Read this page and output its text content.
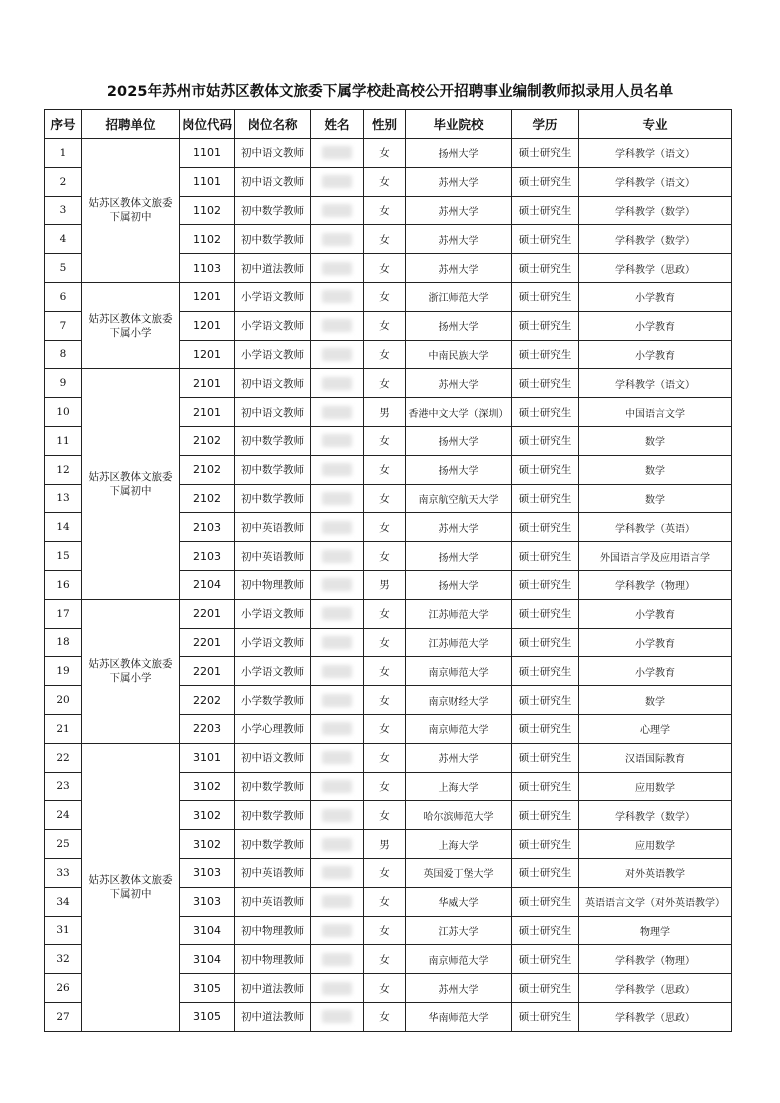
2025年苏州市姑苏区教体文旅委下属学校赴高校公开招聘事业编制教师拟录用人员名单
序号	招聘单位	岗位代码	岗位名称	姓名	性别	毕业院校	学历	专业
1	姑苏区教体文旅委下属初中	1101	初中语文教师		女	扬州大学	硕士研究生	学科教学（语文）
2		1101	初中语文教师		女	苏州大学	硕士研究生	学科教学（语文）
3		1102	初中数学教师		女	苏州大学	硕士研究生	学科教学（数学）
4		1102	初中数学教师		女	苏州大学	硕士研究生	学科教学（数学）
5		1103	初中道法教师		女	苏州大学	硕士研究生	学科教学（思政）
6	姑苏区教体文旅委下属小学	1201	小学语文教师		女	浙江师范大学	硕士研究生	小学教育
7		1201	小学语文教师		女	扬州大学	硕士研究生	小学教育
8		1201	小学语文教师		女	中南民族大学	硕士研究生	小学教育
9	姑苏区教体文旅委下属初中	2101	初中语文教师		女	苏州大学	硕士研究生	学科教学（语文）
10		2101	初中语文教师		男	香港中文大学（深圳）	硕士研究生	中国语言文学
11		2102	初中数学教师		女	扬州大学	硕士研究生	数学
12		2102	初中数学教师		女	扬州大学	硕士研究生	数学
13		2102	初中数学教师		女	南京航空航天大学	硕士研究生	数学
14		2103	初中英语教师		女	苏州大学	硕士研究生	学科教学（英语）
15		2103	初中英语教师		女	扬州大学	硕士研究生	外国语言学及应用语言学
16		2104	初中物理教师		男	扬州大学	硕士研究生	学科教学（物理）
17	姑苏区教体文旅委下属小学	2201	小学语文教师		女	江苏师范大学	硕士研究生	小学教育
18		2201	小学语文教师		女	江苏师范大学	硕士研究生	小学教育
19		2201	小学语文教师		女	南京师范大学	硕士研究生	小学教育
20		2202	小学数学教师		女	南京财经大学	硕士研究生	数学
21		2203	小学心理教师		女	南京师范大学	硕士研究生	心理学
22	姑苏区教体文旅委下属初中	3101	初中语文教师		女	苏州大学	硕士研究生	汉语国际教育
23		3102	初中数学教师		女	上海大学	硕士研究生	应用数学
24		3102	初中数学教师		女	哈尔滨师范大学	硕士研究生	学科教学（数学）
25		3102	初中数学教师		男	上海大学	硕士研究生	应用数学
33		3103	初中英语教师		女	英国爱丁堡大学	硕士研究生	对外英语教学
34		3103	初中英语教师		女	华威大学	硕士研究生	英语语言文学（对外英语教学）
31		3104	初中物理教师		女	江苏大学	硕士研究生	物理学
32		3104	初中物理教师		女	南京师范大学	硕士研究生	学科教学（物理）
26		3105	初中道法教师		女	苏州大学	硕士研究生	学科教学（思政）
27		3105	初中道法教师		女	华南师范大学	硕士研究生	学科教学（思政）
